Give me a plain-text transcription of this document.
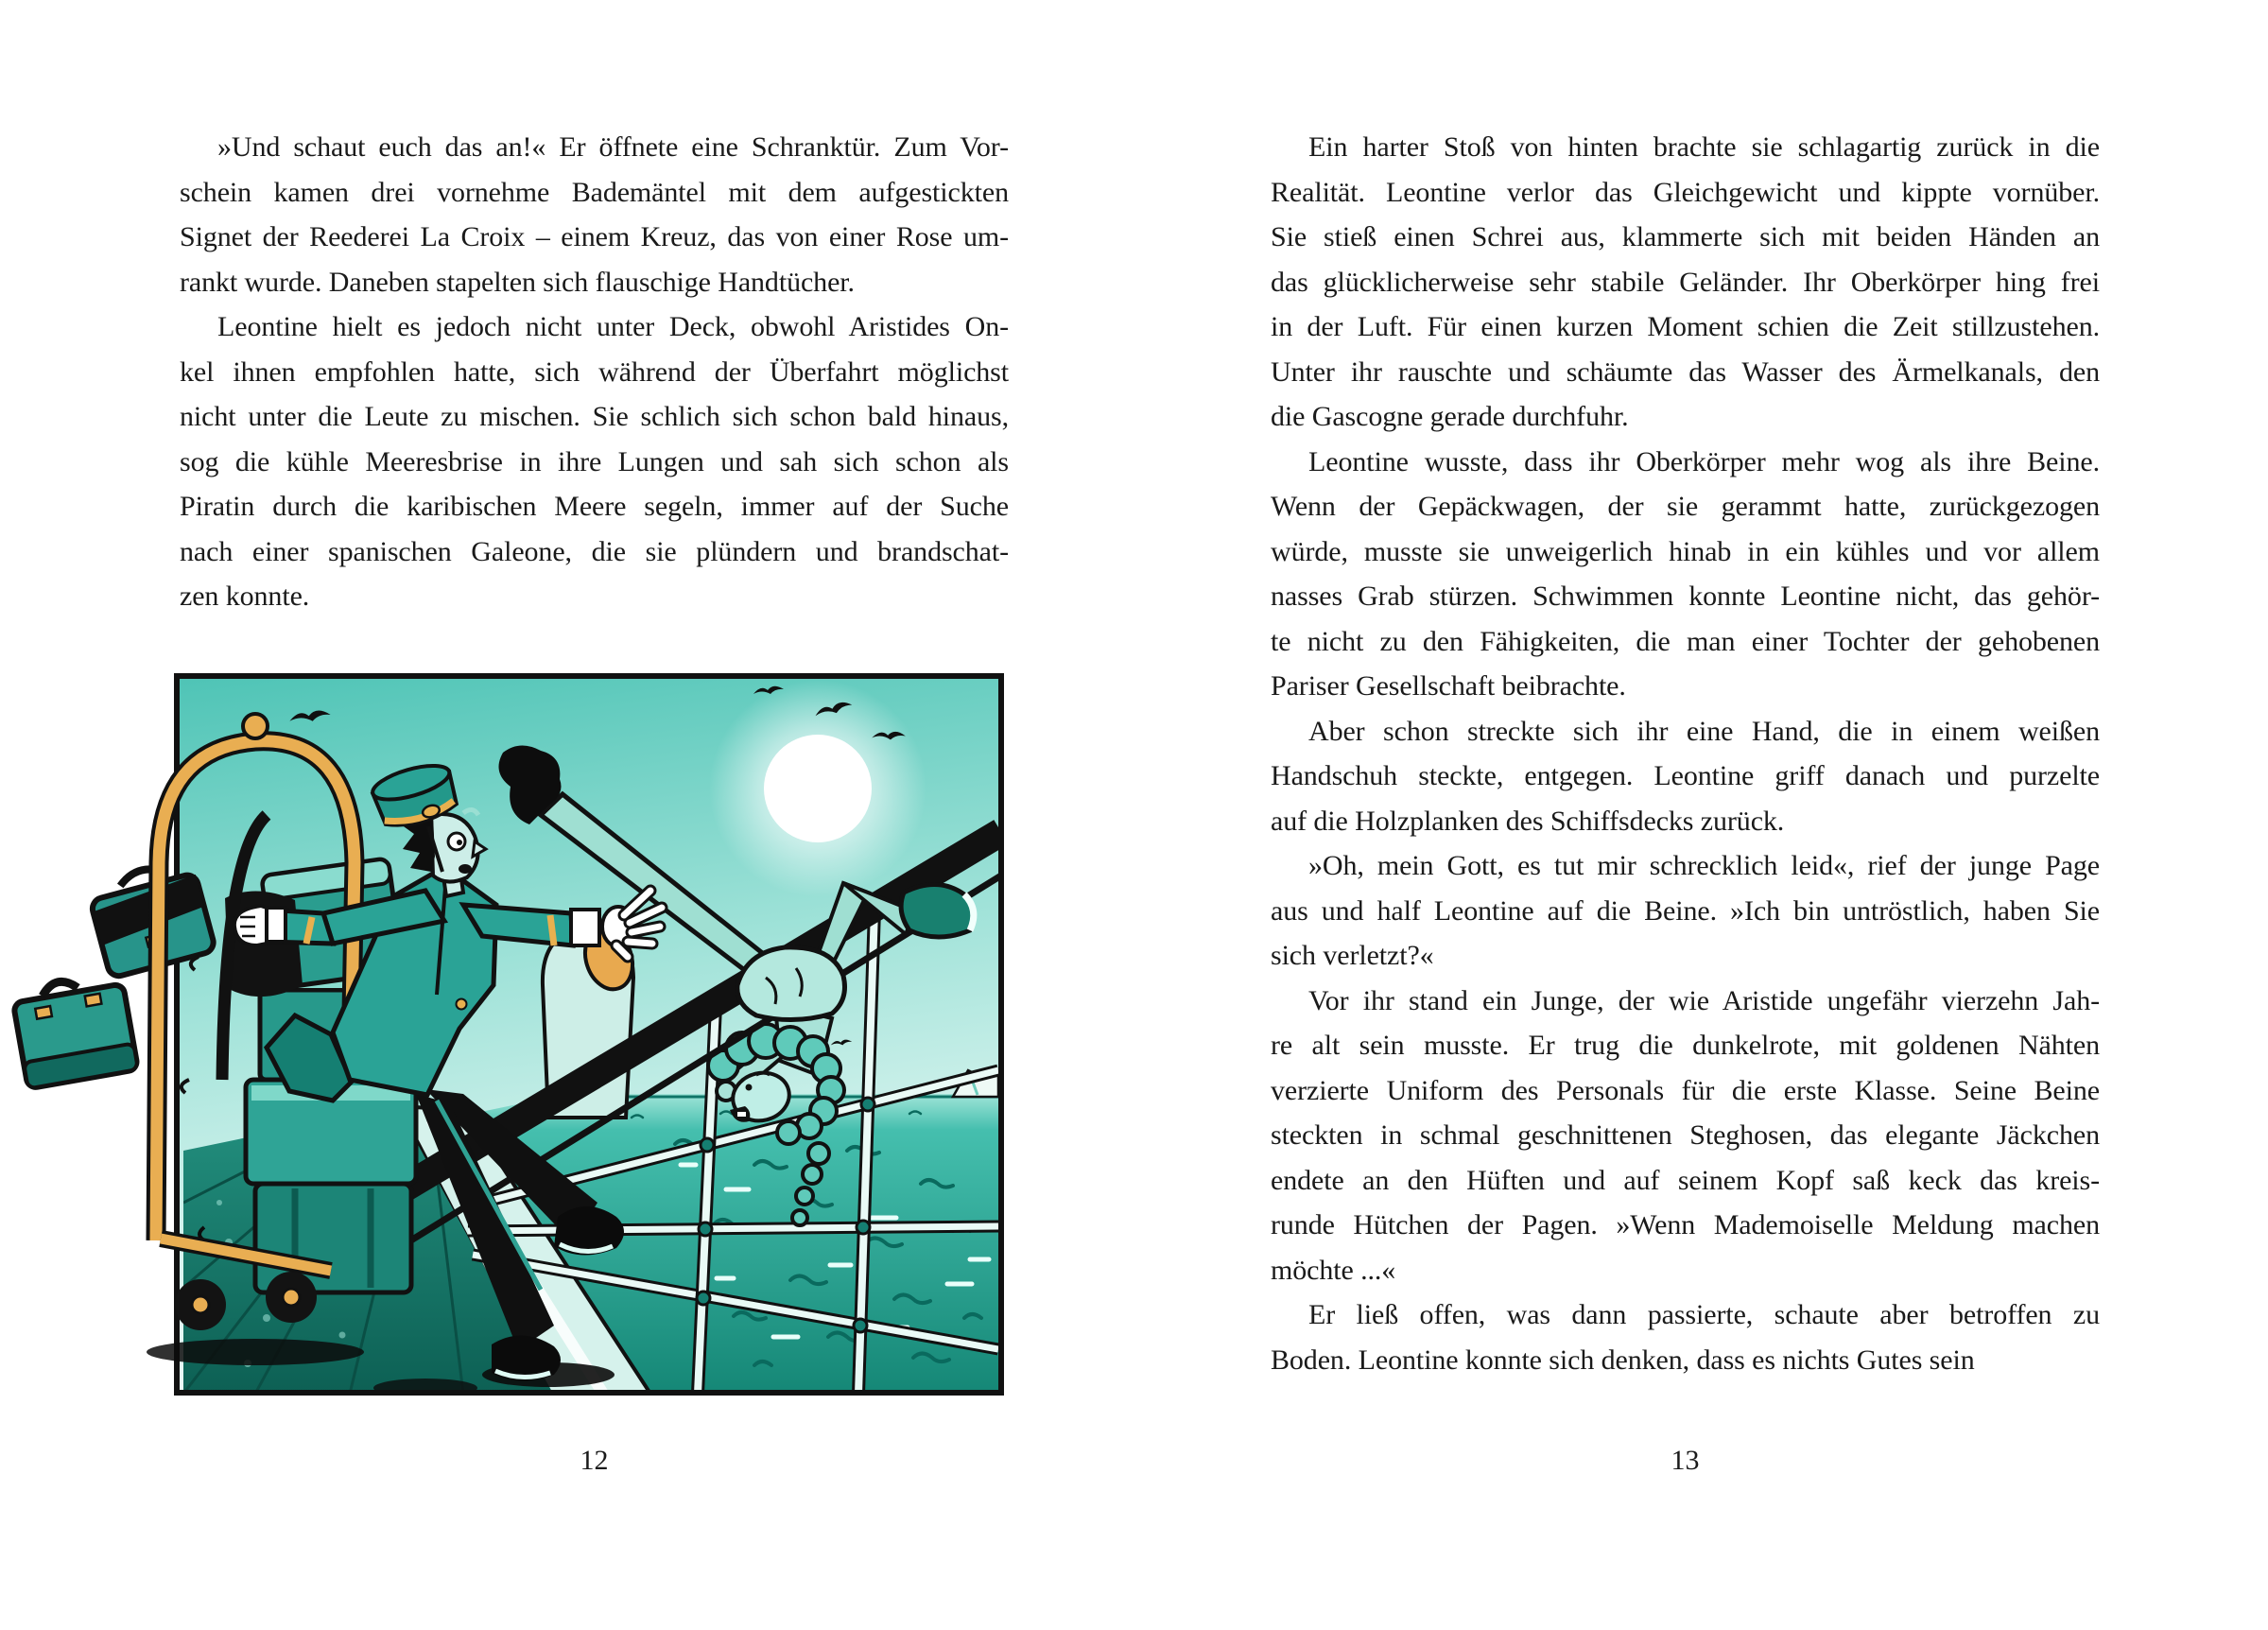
»Und schaut euch das an!« Er öffnete eine Schranktür. Zum Vor-
schein kamen drei vornehme Bademäntel mit dem aufgestickten
Signet der Reederei La Croix – einem Kreuz, das von einer Rose um-
rankt wurde. Daneben stapelten sich flauschige Handtücher.
Leontine hielt es jedoch nicht unter Deck, obwohl Aristides On-
kel ihnen empfohlen hatte, sich während der Überfahrt möglichst
nicht unter die Leute zu mischen. Sie schlich sich schon bald hinaus,
sog die kühle Meeresbrise in ihre Lungen und sah sich schon als
Piratin durch die karibischen Meere segeln, immer auf der Suche
nach einer spanischen Galeone, die sie plündern und brandschat-
zen konnte.
Ein harter Stoß von hinten brachte sie schlagartig zurück in die
Realität. Leontine verlor das Gleichgewicht und kippte vornüber.
Sie stieß einen Schrei aus, klammerte sich mit beiden Händen an
das glücklicherweise sehr stabile Geländer. Ihr Oberkörper hing frei
in der Luft. Für einen kurzen Moment schien die Zeit stillzustehen.
Unter ihr rauschte und schäumte das Wasser des Ärmelkanals, den
die Gascogne gerade durchfuhr.
Leontine wusste, dass ihr Oberkörper mehr wog als ihre Beine.
Wenn der Gepäckwagen, der sie gerammt hatte, zurückgezogen
würde, musste sie unweigerlich hinab in ein kühles und vor allem
nasses Grab stürzen. Schwimmen konnte Leontine nicht, das gehör-
te nicht zu den Fähigkeiten, die man einer Tochter der gehobenen
Pariser Gesellschaft beibrachte.
Aber schon streckte sich ihr eine Hand, die in einem weißen
Handschuh steckte, entgegen. Leontine griff danach und purzelte
auf die Holzplanken des Schiffsdecks zurück.
»Oh, mein Gott, es tut mir schrecklich leid«, rief der junge Page
aus und half Leontine auf die Beine. »Ich bin untröstlich, haben Sie
sich verletzt?«
Vor ihr stand ein Junge, der wie Aristide ungefähr vierzehn Jah-
re alt sein musste. Er trug die dunkelrote, mit goldenen Nähten
verzierte Uniform des Personals für die erste Klasse. Seine Beine
steckten in schmal geschnittenen Steghosen, das elegante Jäckchen
endete an den Hüften und auf seinem Kopf saß keck das kreis-
runde Hütchen der Pagen. »Wenn Mademoiselle Meldung machen
möchte ...«
Er ließ offen, was dann passierte, schaute aber betroffen zu
Boden. Leontine konnte sich denken, dass es nichts Gutes sein
12	13
